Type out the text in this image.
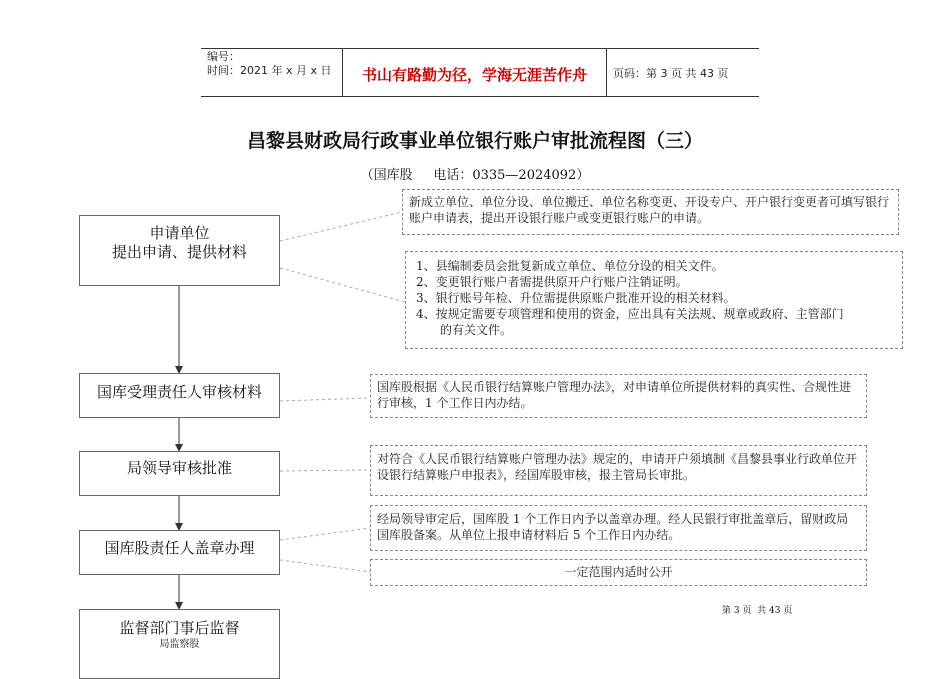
编号：
时间：2021 年 x 月 x 日	书山有路勤为径，学海无涯苦作舟	页码：第 3 页 共 43 页
昌黎县财政局行政事业单位银行账户审批流程图（三）
（国库股     电话：0335—2024092）
申请单位
提出申请、提供材料
国库受理责任人审核材料
局领导审核批准
国库股责任人盖章办理
监督部门事后监督
局监察股
新成立单位、单位分设、单位搬迁、单位名称变更、开设专户、开户银行变更者可填写银行账户申请表，提出开设银行账户或变更银行账户的申请。
1、县编制委员会批复新成立单位、单位分设的相关文件。
2、变更银行账户者需提供原开户行账户注销证明。
3、银行账号年检、升位需提供原账户批准开设的相关材料。
4、按规定需要专项管理和使用的资金，应出具有关法规、规章或政府、主管部门
的有关文件。
国库股根据《人民币银行结算账户管理办法》，对申请单位所提供材料的真实性、合规性进行审核，1 个工作日内办结。
对符合《人民币银行结算账户管理办法》规定的，申请开户须填制《昌黎县事业行政单位开设银行结算账户申报表》，经国库股审核，报主管局长审批。
经局领导审定后，国库股 1 个工作日内予以盖章办理。经人民银行审批盖章后，留财政局国库股备案。从单位上报申请材料后 5 个工作日内办结。
一定范围内适时公开
第 3 页  共 43 页
